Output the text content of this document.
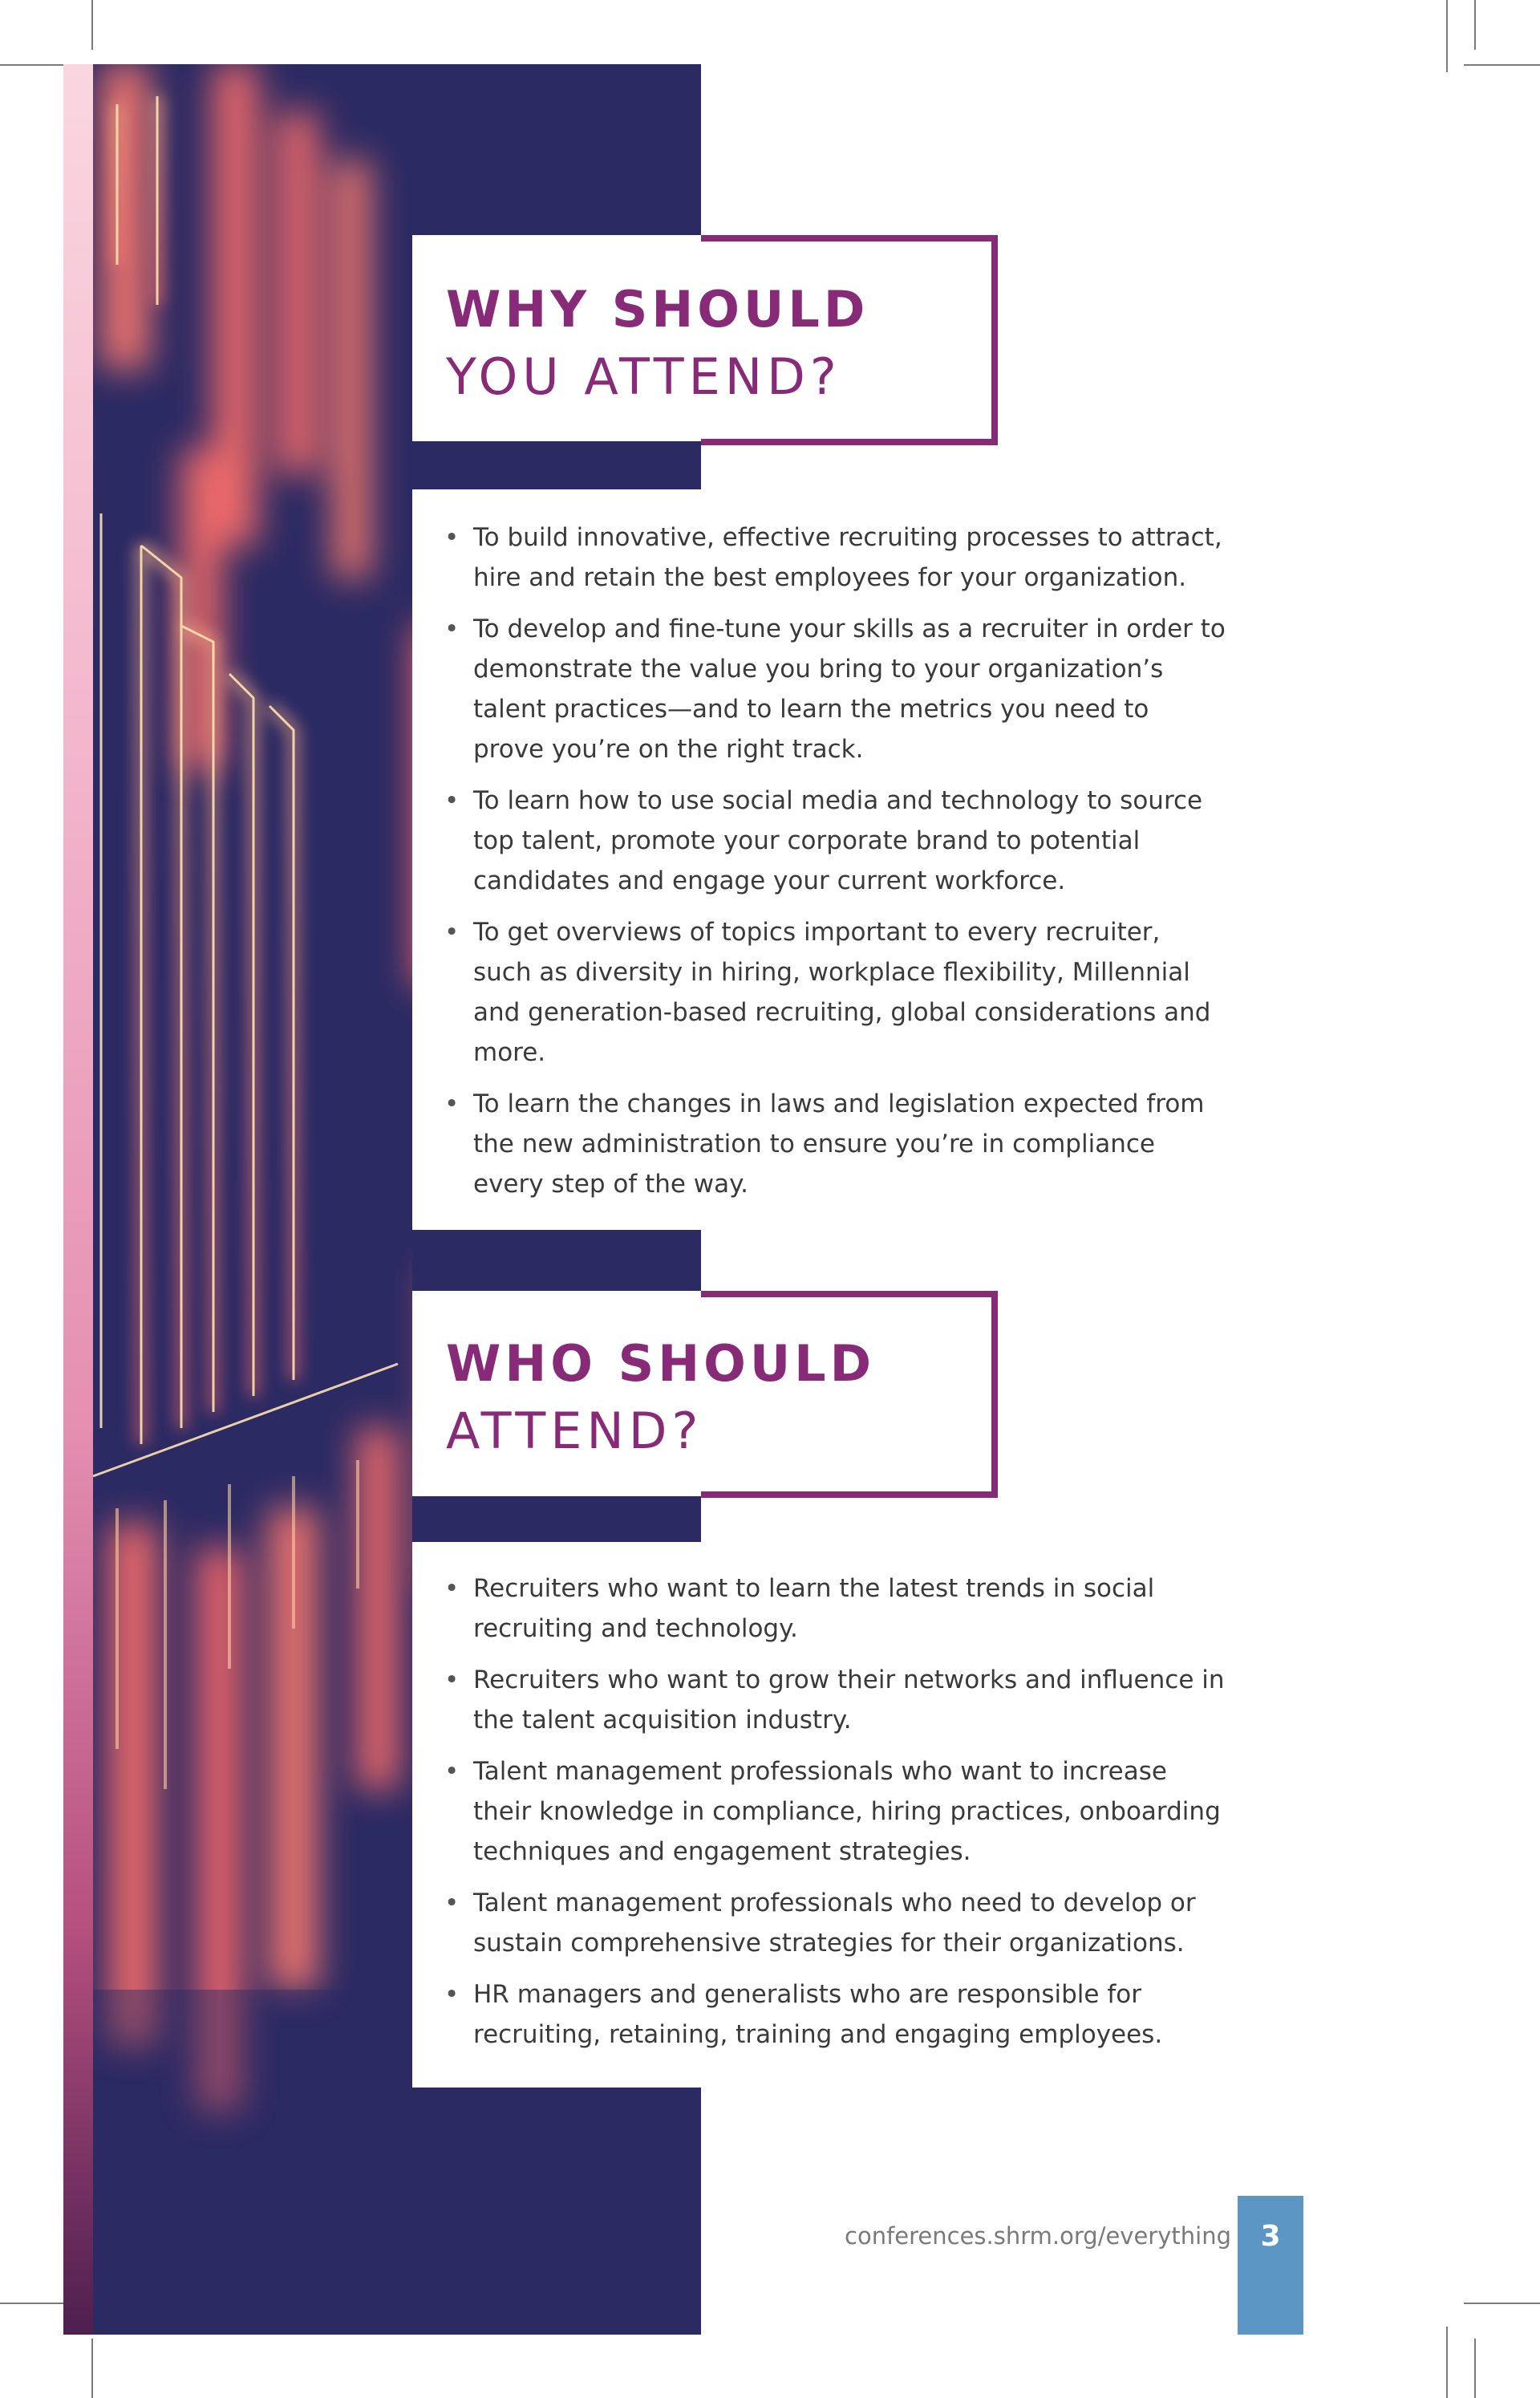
WHY SHOULD
YOU ATTEND?
• To build innovative, effective recruiting processes to attract, hire and retain the best employees for your organization.
• To develop and fine-tune your skills as a recruiter in order to demonstrate the value you bring to your organization’s talent practices—and to learn the metrics you need to prove you’re on the right track.
• To learn how to use social media and technology to source top talent, promote your corporate brand to potential candidates and engage your current workforce.
• To get overviews of topics important to every recruiter, such as diversity in hiring, workplace flexibility, Millennial and generation-based recruiting, global considerations and more.
• To learn the changes in laws and legislation expected from the new administration to ensure you’re in compliance every step of the way.
WHO SHOULD
ATTEND?
• Recruiters who want to learn the latest trends in social recruiting and technology.
• Recruiters who want to grow their networks and influence in the talent acquisition industry.
• Talent management professionals who want to increase their knowledge in compliance, hiring practices, onboarding techniques and engagement strategies.
• Talent management professionals who need to develop or sustain comprehensive strategies for their organizations.
• HR managers and generalists who are responsible for recruiting, retaining, training and engaging employees.
conferences.shrm.org/everything	3
